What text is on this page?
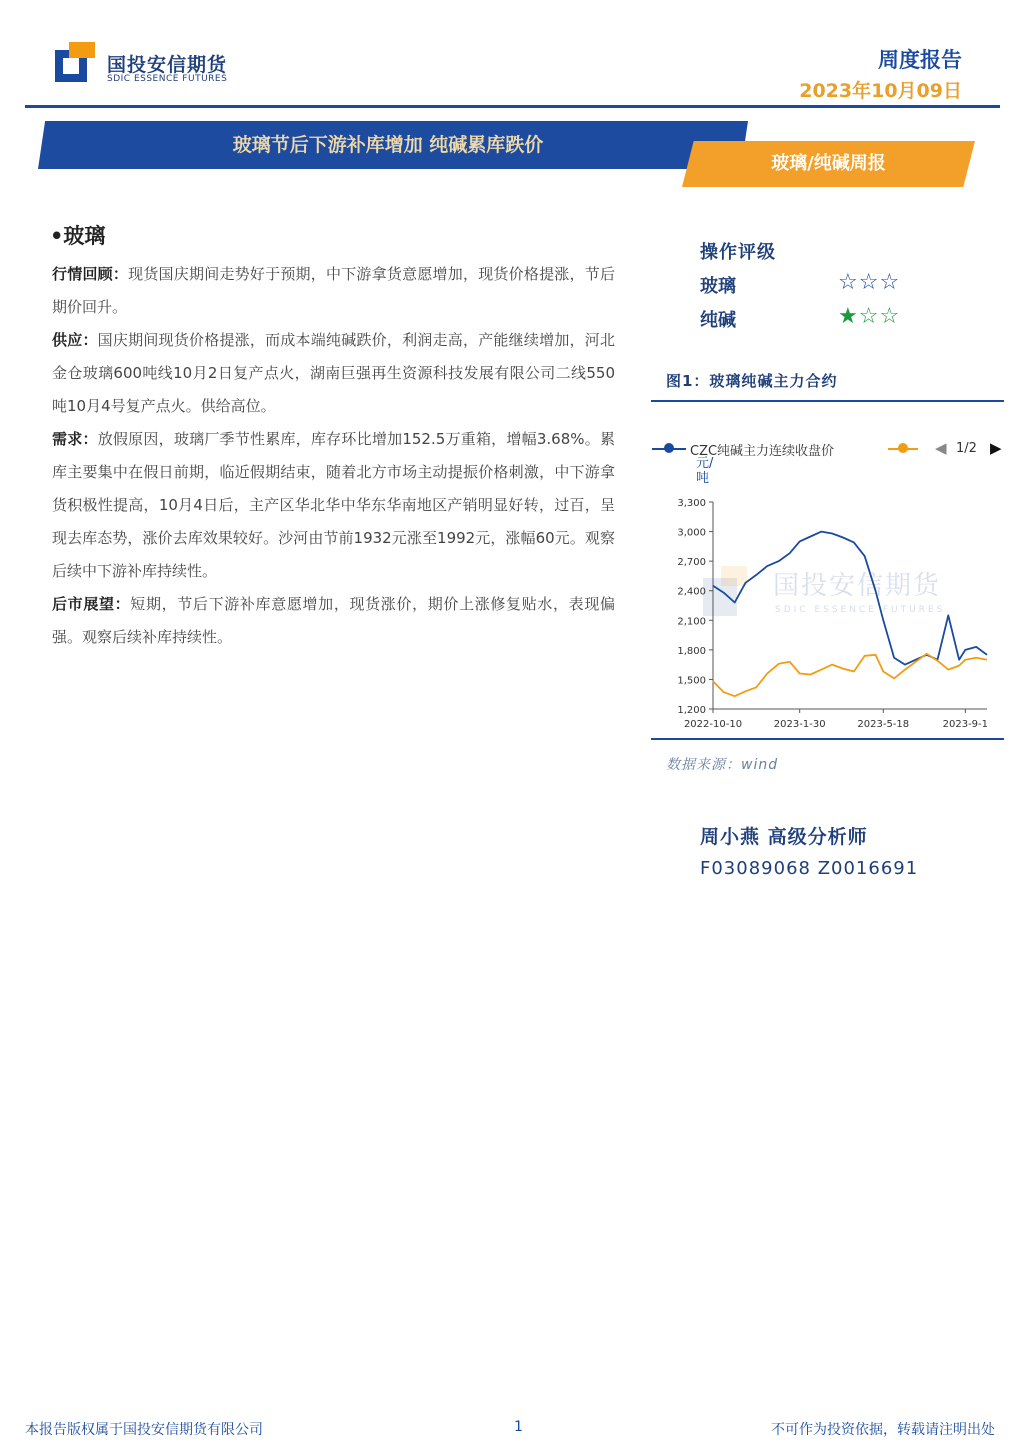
国投安信期货
SDIC ESSENCE FUTURES
周度报告
2023年10月09日
玻璃节后下游补库增加 纯碱累库跌价
玻璃/纯碱周报
•玻璃

行情回顾：现货国庆期间走势好于预期，中下游拿货意愿增加，现货价格提涨，节后期价回升。

供应：国庆期间现货价格提涨，而成本端纯碱跌价，利润走高，产能继续增加，河北金仓玻璃600吨线10月2日复产点火，湖南巨强再生资源科技发展有限公司二线550吨10月4号复产点火。供给高位。

需求：放假原因，玻璃厂季节性累库，库存环比增加152.5万重箱，增幅3.68%。累库主要集中在假日前期，临近假期结束，随着北方市场主动提振价格刺激，中下游拿货积极性提高，10月4日后，主产区华北华中华东华南地区产销明显好转，过百，呈现去库态势，涨价去库效果较好。沙河由节前1932元涨至1992元，涨幅60元。观察后续中下游补库持续性。

后市展望：短期，节后下游补库意愿增加，现货涨价，期价上涨修复贴水，表现偏强。观察后续补库持续性。

操作评级
玻璃	☆☆☆
纯碱	★☆☆
图1：玻璃纯碱主力合约
CZC纯碱主力连续收盘价	◀ 1/2 ▶
元/吨
国投安信期货
SDIC ESSENCE FUTURES
3,300
3,000
2,700
2,400
2,100
1,800
1,500
1,200
2022-10-10	2023-1-30	2023-5-18	2023-9-1
数据来源：wind
周小燕 高级分析师
F03089068 Z0016691
本报告版权属于国投安信期货有限公司	1	不可作为投资依据，转载请注明出处
